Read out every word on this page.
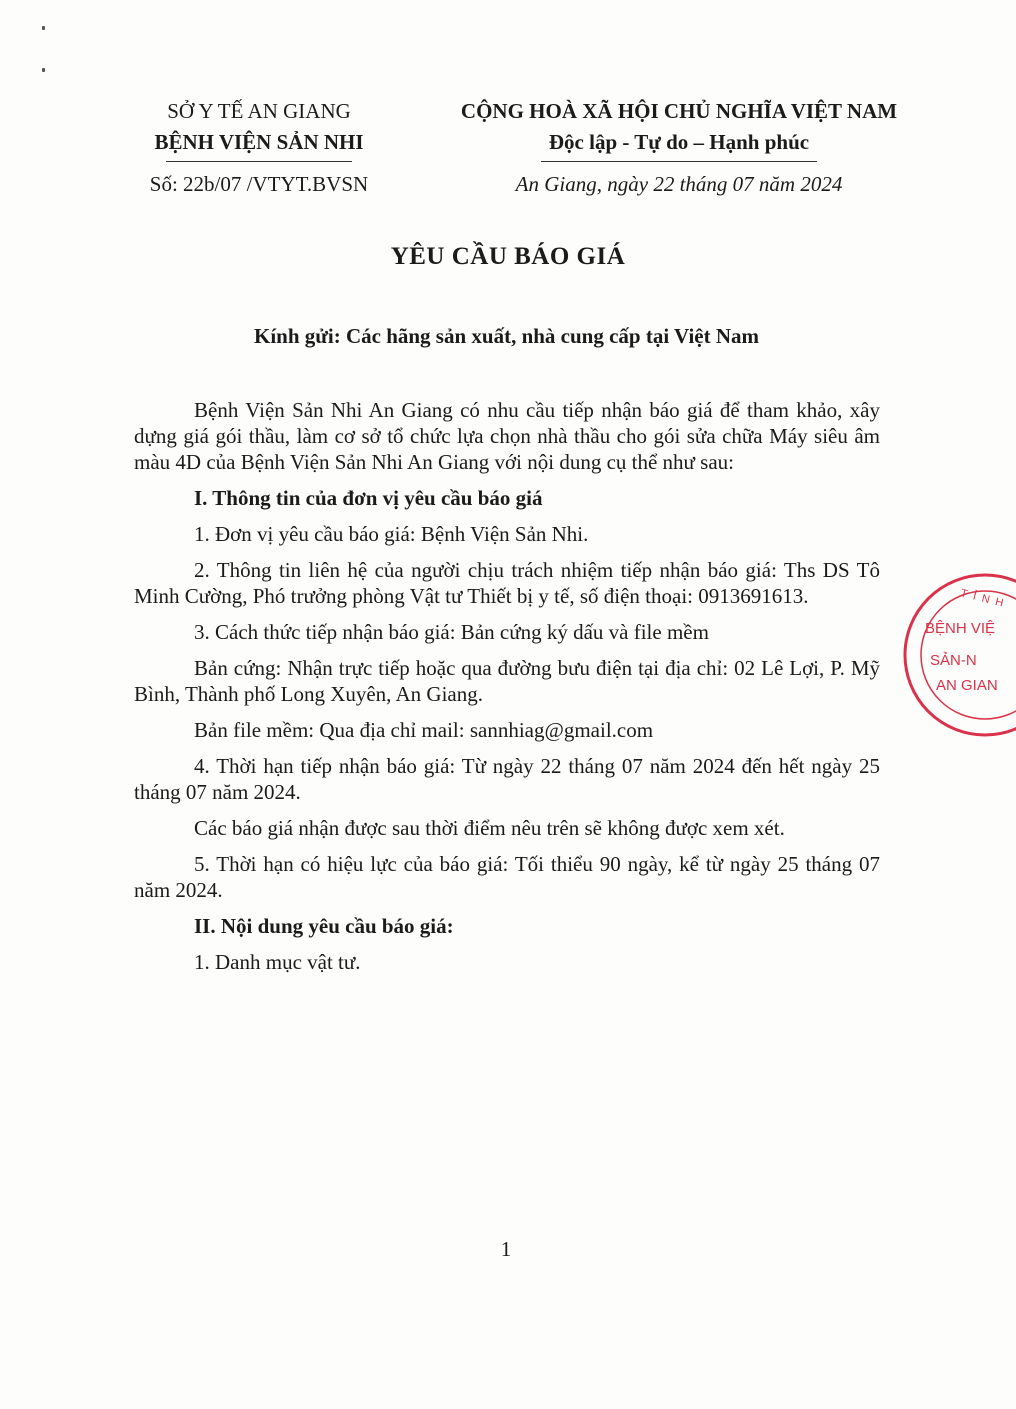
SỞ Y TẾ AN GIANG
BỆNH VIỆN SẢN NHI
Số: 22b/07 /VTYT.BVSN
CỘNG HOÀ XÃ HỘI CHỦ NGHĨA VIỆT NAM
Độc lập - Tự do – Hạnh phúc
An Giang, ngày 22 tháng 07 năm 2024
YÊU CẦU BÁO GIÁ
Kính gửi: Các hãng sản xuất, nhà cung cấp tại Việt Nam

Bệnh Viện Sản Nhi An Giang có nhu cầu tiếp nhận báo giá để tham khảo, xây dựng giá gói thầu, làm cơ sở tổ chức lựa chọn nhà thầu cho gói sửa chữa Máy siêu âm màu 4D của Bệnh Viện Sản Nhi An Giang với nội dung cụ thể như sau:

I. Thông tin của đơn vị yêu cầu báo giá

1. Đơn vị yêu cầu báo giá: Bệnh Viện Sản Nhi.

2. Thông tin liên hệ của người chịu trách nhiệm tiếp nhận báo giá: Ths DS Tô Minh Cường, Phó trưởng phòng Vật tư Thiết bị y tế, số điện thoại: 0913691613.

3. Cách thức tiếp nhận báo giá: Bản cứng ký dấu và file mềm

Bản cứng: Nhận trực tiếp hoặc qua đường bưu điện tại địa chỉ: 02 Lê Lợi, P. Mỹ Bình, Thành phố Long Xuyên, An Giang.

Bản file mềm: Qua địa chỉ mail: sannhiag@gmail.com

4. Thời hạn tiếp nhận báo giá: Từ ngày 22 tháng 07 năm 2024 đến hết ngày 25 tháng 07 năm 2024.

Các báo giá nhận được sau thời điểm nêu trên sẽ không được xem xét.

5. Thời hạn có hiệu lực của báo giá: Tối thiểu 90 ngày, kể từ ngày 25 tháng 07 năm 2024.

II. Nội dung yêu cầu báo giá:

1. Danh mục vật tư.

1
BỆNH VIỆ
SẢN-N
AN GIAN
TỈNH
